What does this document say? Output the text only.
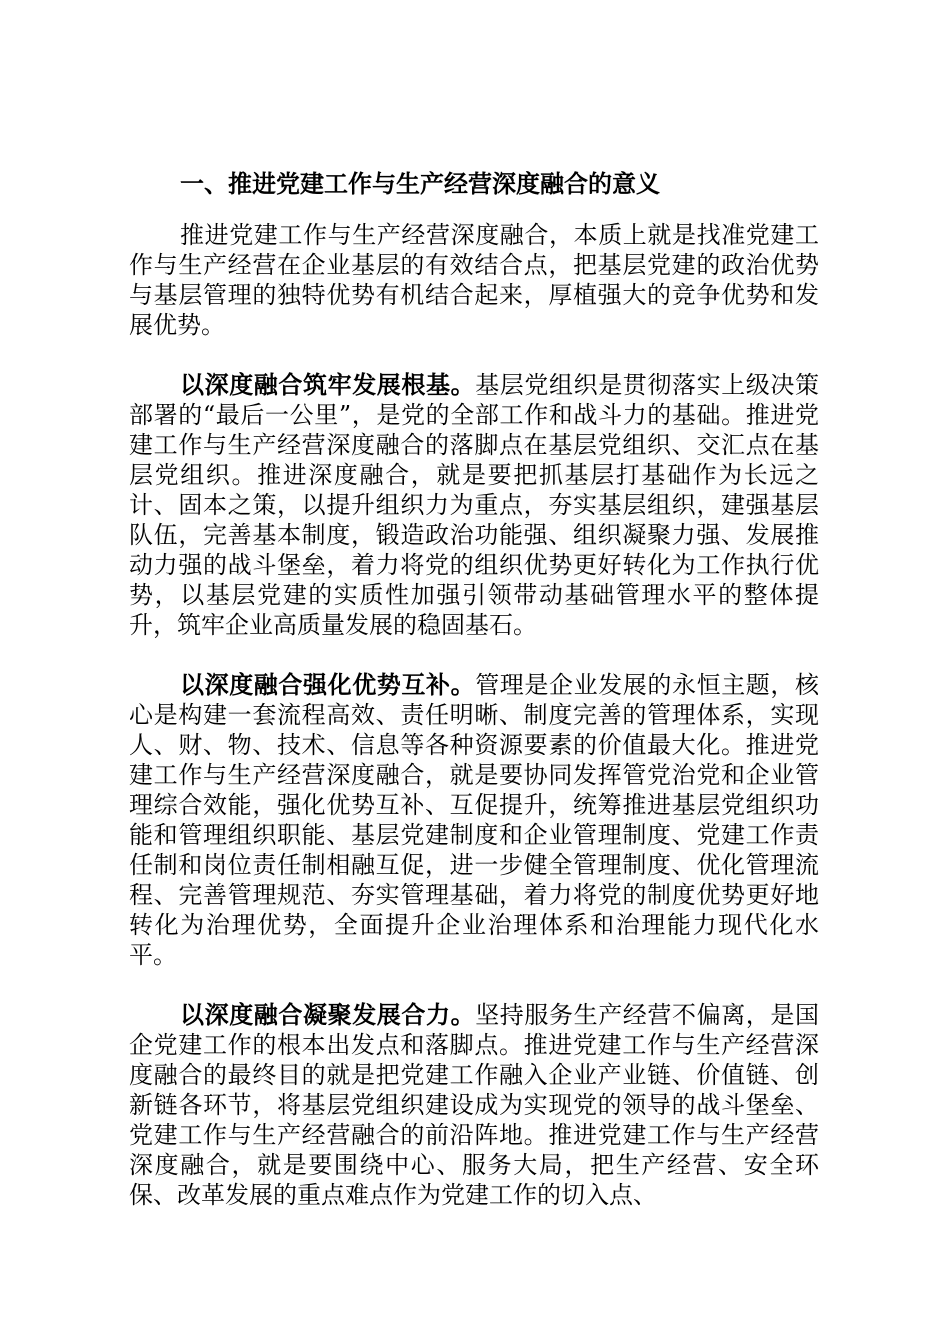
一、推进党建工作与生产经营深度融合的意义

推进党建工作与生产经营深度融合，本质上就是找准党建工作与生产经营在企业基层的有效结合点，把基层党建的政治优势与基层管理的独特优势有机结合起来，厚植强大的竞争优势和发展优势。

以深度融合筑牢发展根基。基层党组织是贯彻落实上级决策部署的“最后一公里”，是党的全部工作和战斗力的基础。推进党建工作与生产经营深度融合的落脚点在基层党组织、交汇点在基层党组织。推进深度融合，就是要把抓基层打基础作为长远之计、固本之策，以提升组织力为重点，夯实基层组织，建强基层队伍，完善基本制度，锻造政治功能强、组织凝聚力强、发展推动力强的战斗堡垒，着力将党的组织优势更好转化为工作执行优势，以基层党建的实质性加强引领带动基础管理水平的整体提升，筑牢企业高质量发展的稳固基石。

以深度融合强化优势互补。管理是企业发展的永恒主题，核心是构建一套流程高效、责任明晰、制度完善的管理体系，实现人、财、物、技术、信息等各种资源要素的价值最大化。推进党建工作与生产经营深度融合，就是要协同发挥管党治党和企业管理综合效能，强化优势互补、互促提升，统筹推进基层党组织功能和管理组织职能、基层党建制度和企业管理制度、党建工作责任制和岗位责任制相融互促，进一步健全管理制度、优化管理流程、完善管理规范、夯实管理基础，着力将党的制度优势更好地转化为治理优势，全面提升企业治理体系和治理能力现代化水平。

以深度融合凝聚发展合力。坚持服务生产经营不偏离，是国企党建工作的根本出发点和落脚点。推进党建工作与生产经营深度融合的最终目的就是把党建工作融入企业产业链、价值链、创新链各环节，将基层党组织建设成为实现党的领导的战斗堡垒、党建工作与生产经营融合的前沿阵地。推进党建工作与生产经营深度融合，就是要围绕中心、服务大局，把生产经营、安全环保、改革发展的重点难点作为党建工作的切入点、
